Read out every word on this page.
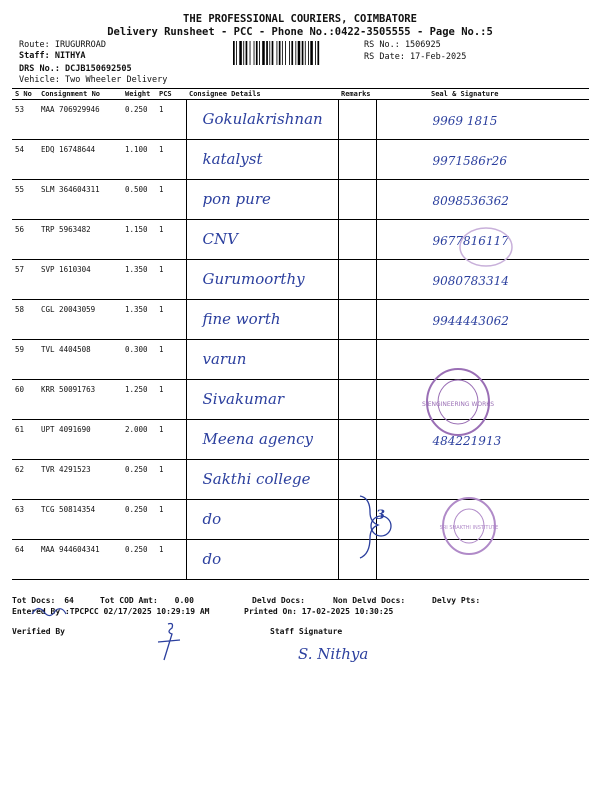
THE PROFESSIONAL COURIERS, COIMBATORE
Delivery Runsheet - PCC - Phone No.:0422-3505555 - Page No.:5
Route: IRUGURROAD
Staff: NITHYA
DRS No.: DCJB150692505
Vehicle: Two Wheeler Delivery
RS No.: 1506925
RS Date: 17-Feb-2025
S No	Consignment No	Weight	PCS	Consignee Details	Remarks	Seal & Signature
53	MAA 706929946	0.250	1	Gokulakrishnan		9969 1815

54	EDQ 16748644	1.100	1	katalyst		9971586r26

55	SLM 364604311	0.500	1	pon pure		8098536362

56	TRP 5963482	1.150	1	CNV		9677816117

57	SVP 1610304	1.350	1	Gurumoorthy		9080783314

58	CGL 20043059	1.350	1	fine worth		9944443062

59	TVL 4404508	0.300	1	varun		

60	KRR 50091763	1.250	1	Sivakumar		

61	UPT 4091690	2.000	1	Meena agency		484221913

62	TVR 4291523	0.250	1	Sakthi college		

63	TCG 50814354	0.250	1	do		

64	MAA 944604341	0.250	1	do		

3
S ENGINEERING WORKS
SRI SHAKTHI INSTITUTE
Tot Docs: 64	Tot COD Amt: 0.00	Delvd Docs:	Non Delvd Docs:	Delvy Pts:
Entered By :TPCPCC 02/17/2025 10:29:19 AM	Printed On: 17-02-2025 10:30:25
Verified By	Staff Signature
S. Nithya
